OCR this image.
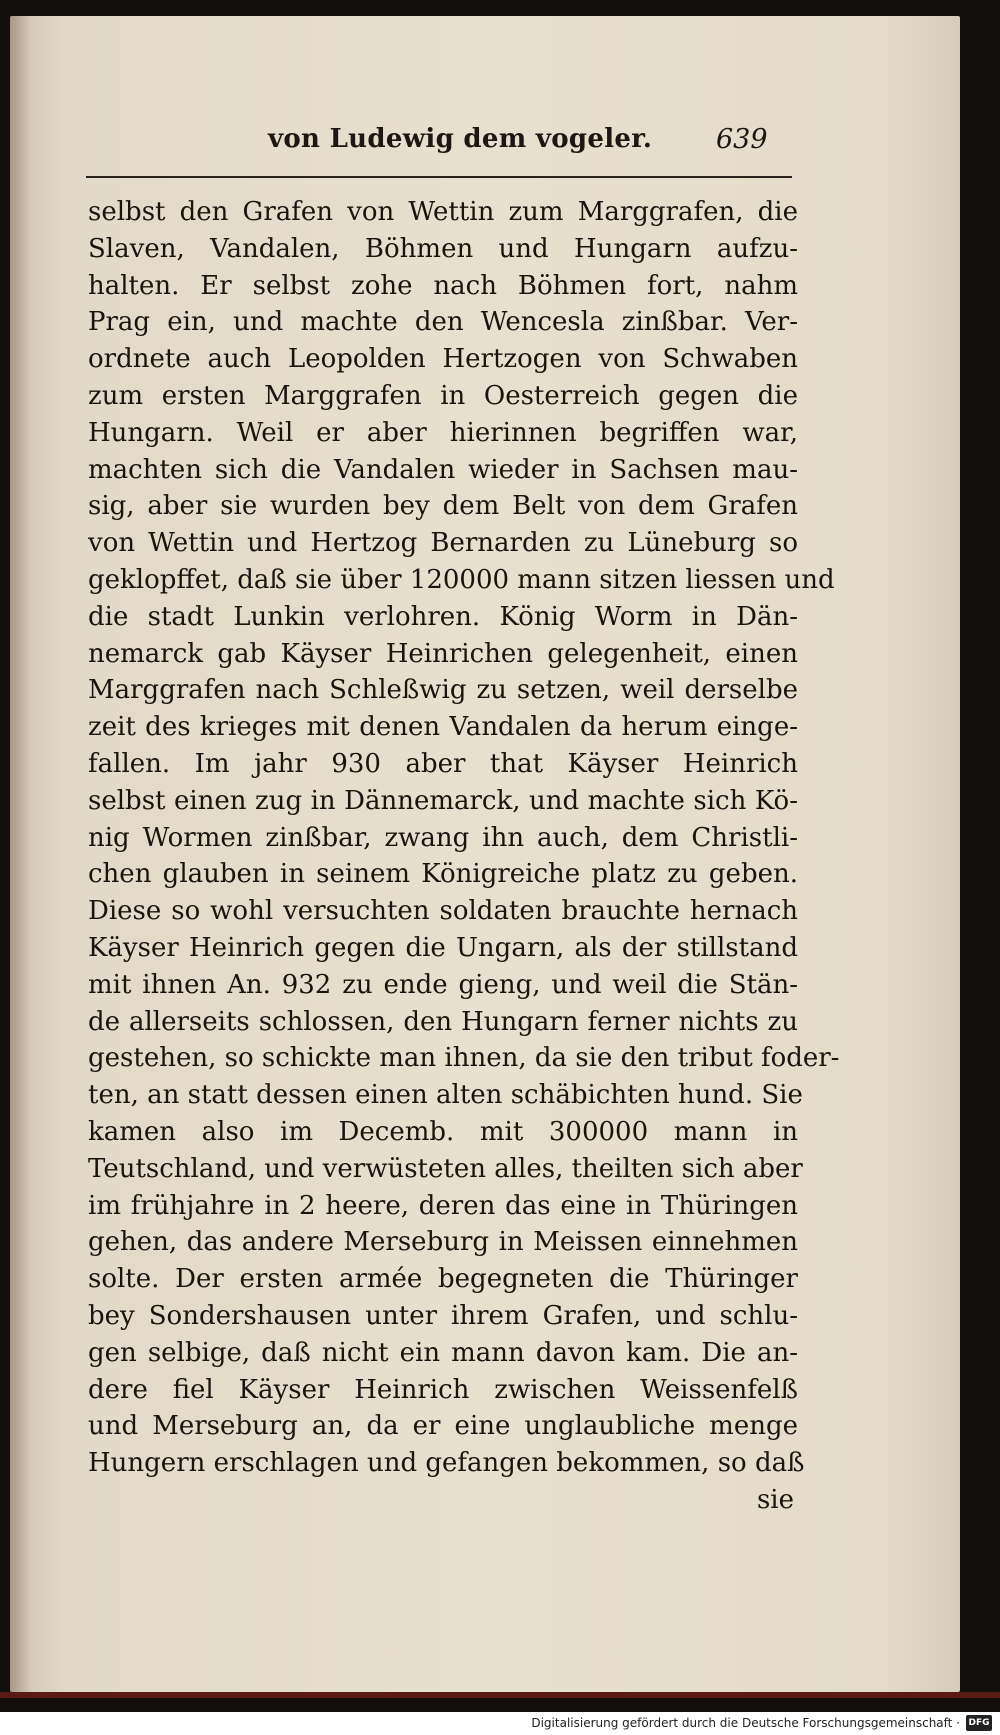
von Ludewig dem vogeler. 639
selbst den Grafen von Wettin zum Marggrafen, die
Slaven, Vandalen, Böhmen und Hungarn aufzu-
halten. Er selbst zohe nach Böhmen fort, nahm
Prag ein, und machte den Wencesla zinßbar. Ver-
ordnete auch Leopolden Hertzogen von Schwaben
zum ersten Marggrafen in Oesterreich gegen die
Hungarn. Weil er aber hierinnen begriffen war,
machten sich die Vandalen wieder in Sachsen mau-
sig, aber sie wurden bey dem Belt von dem Grafen
von Wettin und Hertzog Bernarden zu Lüneburg so
geklopffet, daß sie über 120000 mann sitzen liessen und
die stadt Lunkin verlohren. König Worm in Dän-
nemarck gab Käyser Heinrichen gelegenheit, einen
Marggrafen nach Schleßwig zu setzen, weil derselbe
zeit des krieges mit denen Vandalen da herum einge-
fallen. Im jahr 930 aber that Käyser Heinrich
selbst einen zug in Dännemarck, und machte sich Kö-
nig Wormen zinßbar, zwang ihn auch, dem Christli-
chen glauben in seinem Königreiche platz zu geben.
Diese so wohl versuchten soldaten brauchte hernach
Käyser Heinrich gegen die Ungarn, als der stillstand
mit ihnen An. 932 zu ende gieng, und weil die Stän-
de allerseits schlossen, den Hungarn ferner nichts zu
gestehen, so schickte man ihnen, da sie den tribut foder-
ten, an statt dessen einen alten schäbichten hund. Sie
kamen also im Decemb. mit 300000 mann in
Teutschland, und verwüsteten alles, theilten sich aber
im frühjahre in 2 heere, deren das eine in Thüringen
gehen, das andere Merseburg in Meissen einnehmen
solte. Der ersten armée begegneten die Thüringer
bey Sondershausen unter ihrem Grafen, und schlu-
gen selbige, daß nicht ein mann davon kam. Die an-
dere fiel Käyser Heinrich zwischen Weissenfelß
und Merseburg an, da er eine unglaubliche menge
Hungern erschlagen und gefangen bekommen, so daß
sie
Digitalisierung gefördert durch die Deutsche Forschungsgemeinschaft · DFG
